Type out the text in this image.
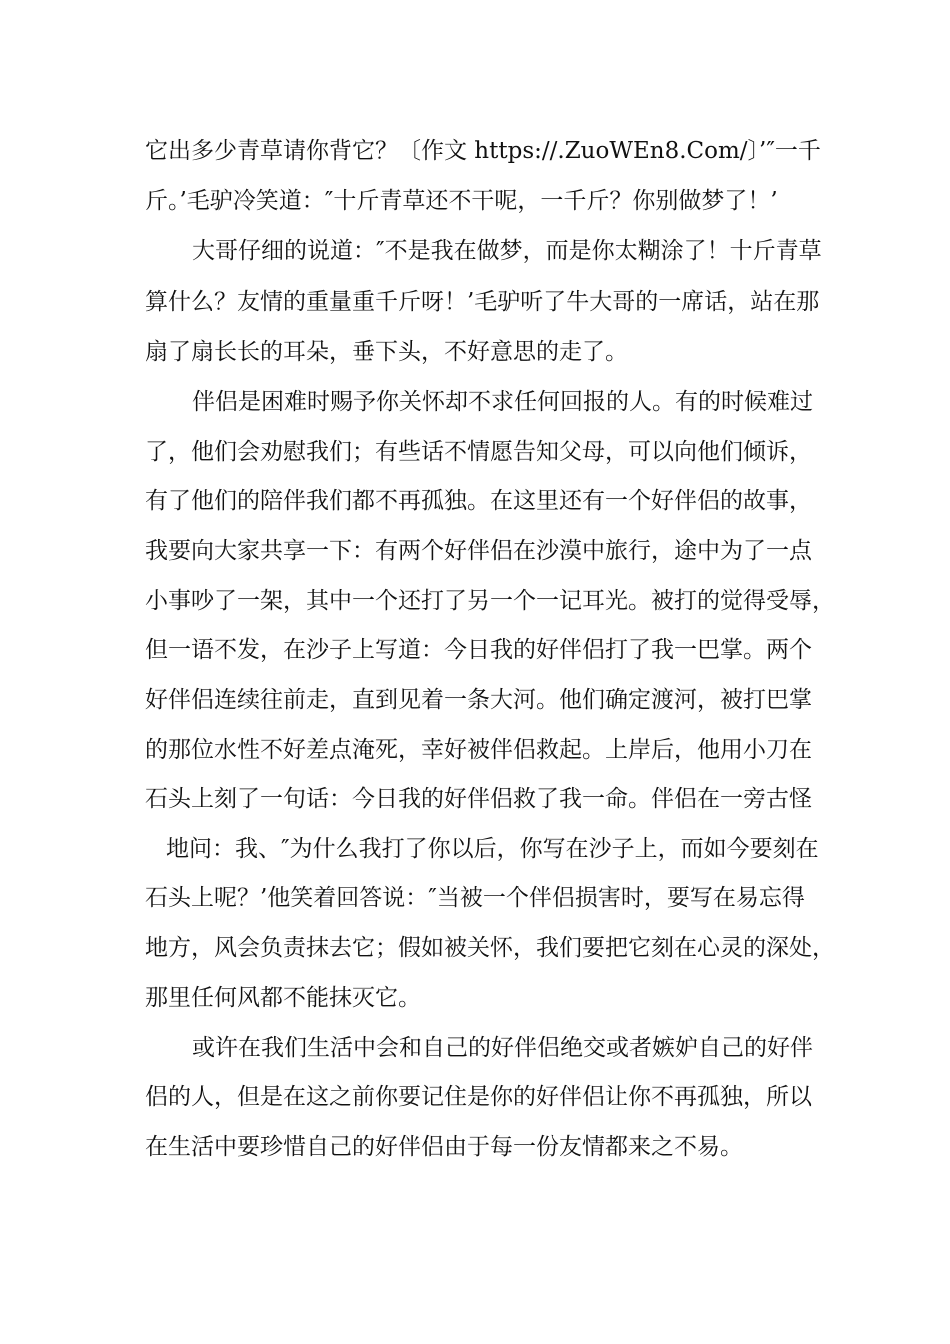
它出多少青草请你背它？〔作文 https://.ZuoWEn8.Com/〕’″一千
斤。’毛驴冷笑道：″十斤青草还不干呢，一千斤？你别做梦了！’
大哥仔细的说道：″不是我在做梦，而是你太糊涂了！十斤青草
算什么？友情的重量重千斤呀！’毛驴听了牛大哥的一席话，站在那
扇了扇长长的耳朵，垂下头，不好意思的走了。
伴侣是困难时赐予你关怀却不求任何回报的人。有的时候难过
了，他们会劝慰我们；有些话不情愿告知父母，可以向他们倾诉，
有了他们的陪伴我们都不再孤独。在这里还有一个好伴侣的故事，
我要向大家共享一下：有两个好伴侣在沙漠中旅行，途中为了一点
小事吵了一架，其中一个还打了另一个一记耳光。被打的觉得受辱，
但一语不发，在沙子上写道：今日我的好伴侣打了我一巴掌。两个
好伴侣连续往前走，直到见着一条大河。他们确定渡河，被打巴掌
的那位水性不好差点淹死，幸好被伴侣救起。上岸后，他用小刀在
石头上刻了一句话：今日我的好伴侣救了我一命。伴侣在一旁古怪
地问：我、″为什么我打了你以后，你写在沙子上，而如今要刻在
石头上呢？’他笑着回答说：″当被一个伴侣损害时，要写在易忘得
地方，风会负责抹去它；假如被关怀，我们要把它刻在心灵的深处，
那里任何风都不能抹灭它。
或许在我们生活中会和自己的好伴侣绝交或者嫉妒自己的好伴
侣的人，但是在这之前你要记住是你的好伴侣让你不再孤独，所以
在生活中要珍惜自己的好伴侣由于每一份友情都来之不易。
